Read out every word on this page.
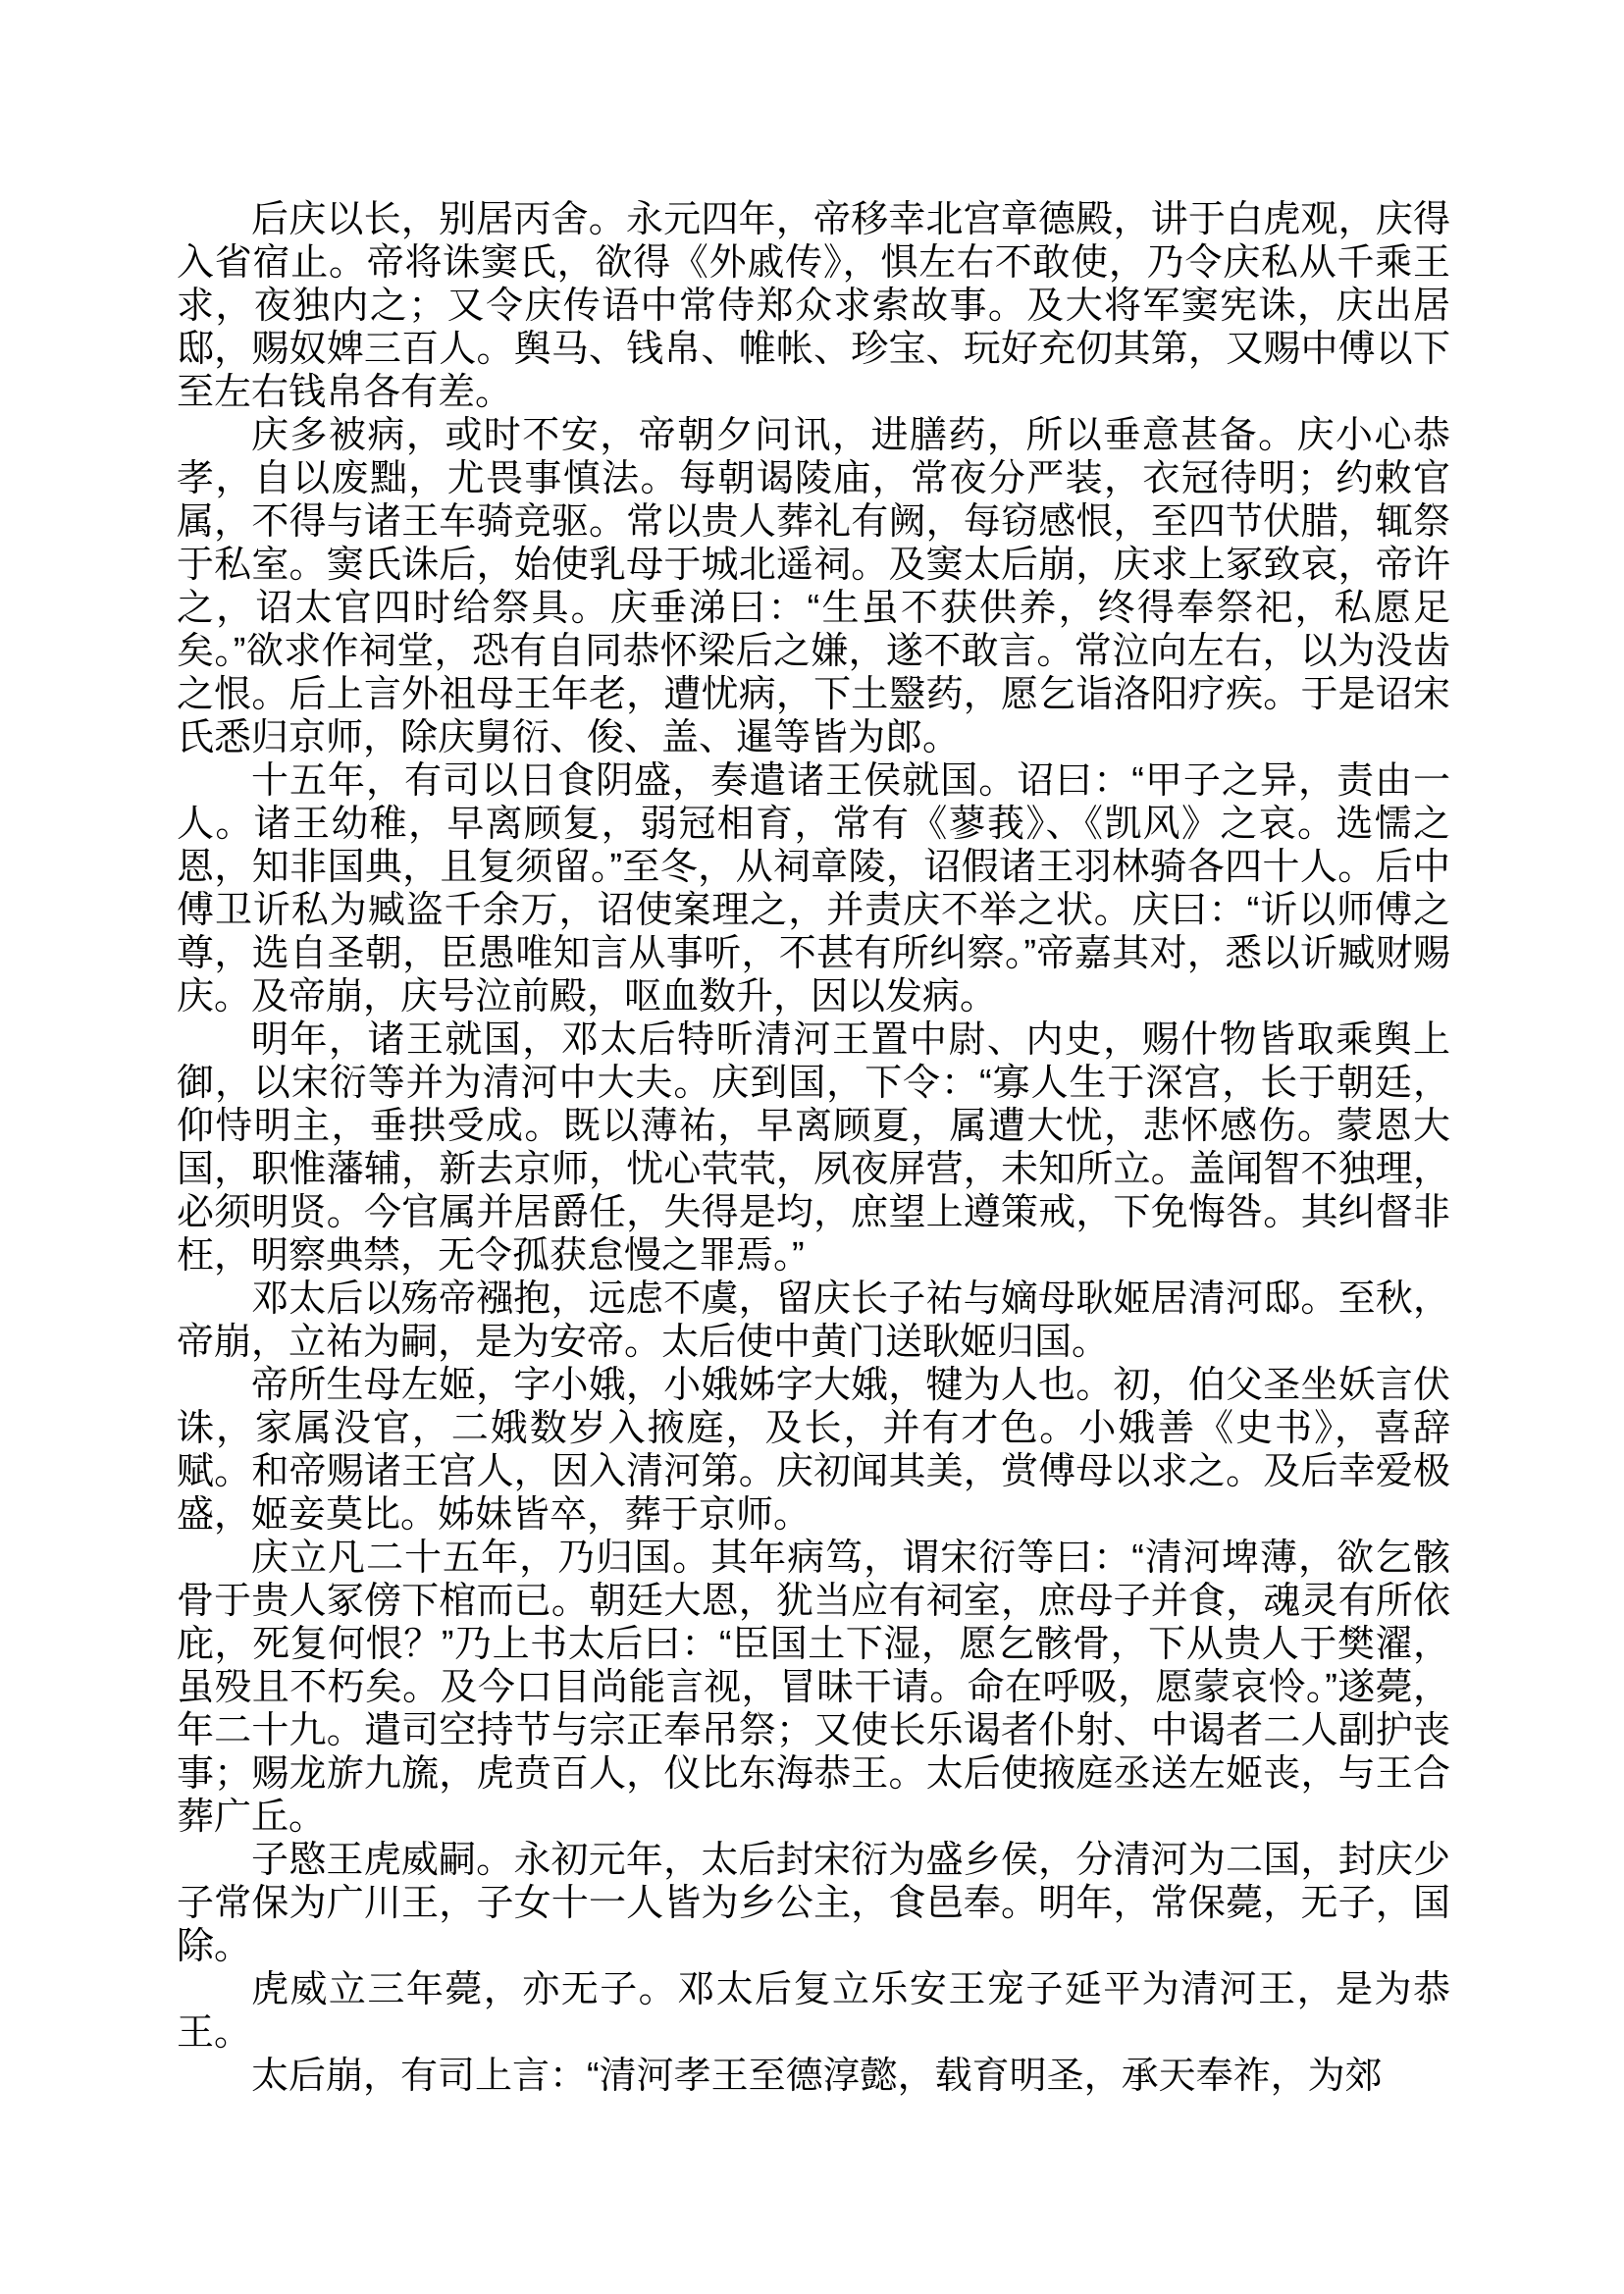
后庆以长，别居丙舍。永元四年，帝移幸北宫章德殿，讲于白虎观，庆得入省宿止。帝将诛窦氏，欲得《外戚传》，惧左右不敢使，乃令庆私从千乘王求，夜独内之；又令庆传语中常侍郑众求索故事。及大将军窦宪诛，庆出居邸，赐奴婢三百人。舆马、钱帛、帷帐、珍宝、玩好充仞其第，又赐中傅以下至左右钱帛各有差。

庆多被病，或时不安，帝朝夕问讯，进膳药，所以垂意甚备。庆小心恭孝，自以废黜，尤畏事慎法。每朝谒陵庙，常夜分严装，衣冠待明；约敕官属，不得与诸王车骑竞驱。常以贵人葬礼有阙，每窃感恨，至四节伏腊，辄祭于私室。窦氏诛后，始使乳母于城北遥祠。及窦太后崩，庆求上冢致哀，帝许之，诏太官四时给祭具。庆垂涕曰：“生虽不获供养，终得奉祭祀，私愿足矣。”欲求作祠堂，恐有自同恭怀梁后之嫌，遂不敢言。常泣向左右，以为没齿之恨。后上言外祖母王年老，遭忧病，下土毉药，愿乞诣洛阳疗疾。于是诏宋氏悉归京师，除庆舅衍、俊、盖、暹等皆为郎。

十五年，有司以日食阴盛，奏遣诸王侯就国。诏曰：“甲子之异，责由一人。诸王幼稚，早离顾复，弱冠相育，常有《蓼莪》、《凯风》之哀。选懦之恩，知非国典，且复须留。”至冬，从祠章陵，诏假诸王羽林骑各四十人。后中傅卫䜣私为臧盗千余万，诏使案理之，并责庆不举之状。庆曰：“䜣以师傅之尊，选自圣朝，臣愚唯知言从事听，不甚有所纠察。”帝嘉其对，悉以䜣臧财赐庆。及帝崩，庆号泣前殿，呕血数升，因以发病。

明年，诸王就国，邓太后特昕清河王置中尉、内史，赐什物皆取乘舆上御，以宋衍等并为清河中大夫。庆到国，下令：“寡人生于深宫，长于朝廷，仰恃明主，垂拱受成。既以薄祐，早离顾夏，属遭大忧，悲怀感伤。蒙恩大国，职惟藩辅，新去京师，忧心茕茕，夙夜屏营，未知所立。盖闻智不独理，必须明贤。今官属并居爵任，失得是均，庶望上遵策戒，下免悔咎。其纠督非枉，明察典禁，无令孤获怠慢之罪焉。”

邓太后以殇帝襁抱，远虑不虞，留庆长子祐与嫡母耿姬居清河邸。至秋，帝崩，立祐为嗣，是为安帝。太后使中黄门送耿姬归国。

帝所生母左姬，字小娥，小娥姊字大娥，犍为人也。初，伯父圣坐妖言伏诛，家属没官，二娥数岁入掖庭，及长，并有才色。小娥善《史书》，喜辞赋。和帝赐诸王宫人，因入清河第。庆初闻其美，赏傅母以求之。及后幸爱极盛，姬妾莫比。姊妹皆卒，葬于京师。

庆立凡二十五年，乃归国。其年病笃，谓宋衍等曰：“清河埤薄，欲乞骸骨于贵人冢傍下棺而已。朝廷大恩，犹当应有祠室，庶母子并食，魂灵有所依庇，死复何恨？”乃上书太后曰：“臣国土下湿，愿乞骸骨，下从贵人于樊濯，虽殁且不朽矣。及今口目尚能言视，冒昧干请。命在呼吸，愿蒙哀怜。”遂薨，年二十九。遣司空持节与宗正奉吊祭；又使长乐谒者仆射、中谒者二人副护丧事；赐龙旂九旒，虎贲百人，仪比东海恭王。太后使掖庭丞送左姬丧，与王合葬广丘。

子愍王虎威嗣。永初元年，太后封宋衍为盛乡侯，分清河为二国，封庆少子常保为广川王，子女十一人皆为乡公主，食邑奉。明年，常保薨，无子，国除。

虎威立三年薨，亦无子。邓太后复立乐安王宠子延平为清河王，是为恭王。

太后崩，有司上言：“清河孝王至德淳懿，载育明圣，承天奉祚，为郊
